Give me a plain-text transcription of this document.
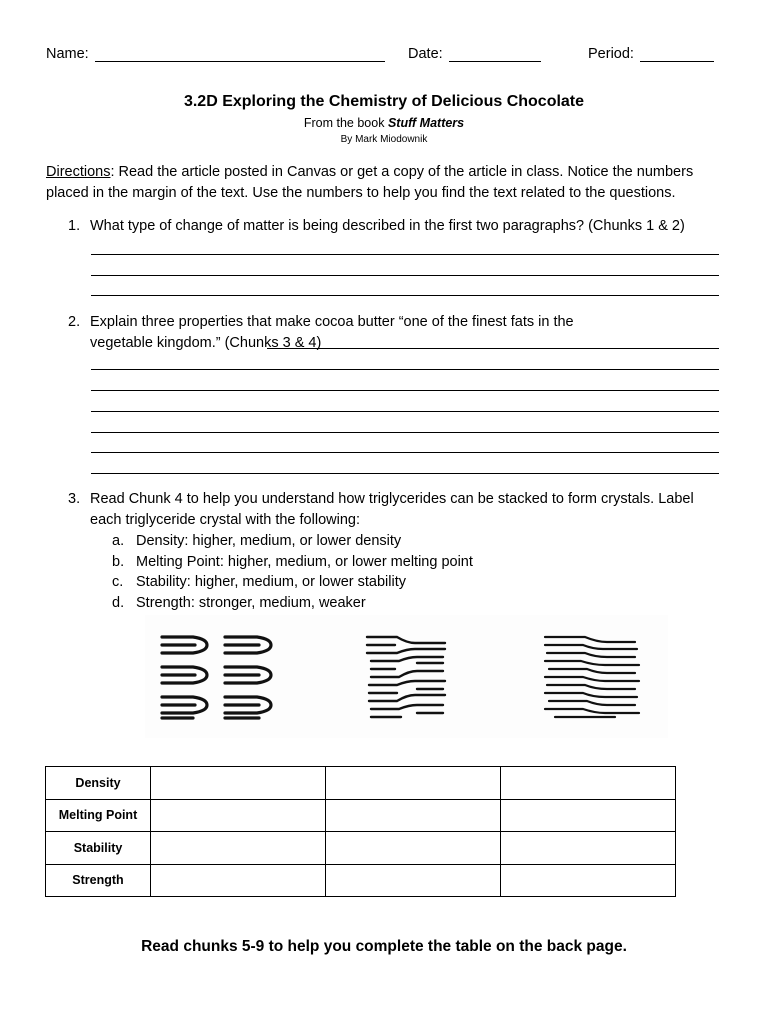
Name:	Date:	Period:
3.2D Exploring the Chemistry of Delicious Chocolate
From the book Stuff Matters
By Mark Miodownik
Directions: Read the article posted in Canvas or get a copy of the article in class. Notice the numbers placed in the margin of the text. Use the numbers to help you find the text related to the questions.
1. What type of change of matter is being described in the first two paragraphs? (Chunks 1 & 2)
2. Explain three properties that make cocoa butter “one of the finest fats in the vegetable kingdom.” (Chunks 3 & 4)
3. Read Chunk 4 to help you understand how triglycerides can be stacked to form crystals. Label each triglyceride crystal with the following:
a. Density: higher, medium, or lower density
b. Melting Point: higher, medium, or lower melting point
c. Stability: higher, medium, or lower stability
d. Strength: stronger, medium, weaker
Density			
Melting Point			
Stability			
Strength			
Read chunks 5-9 to help you complete the table on the back page.
